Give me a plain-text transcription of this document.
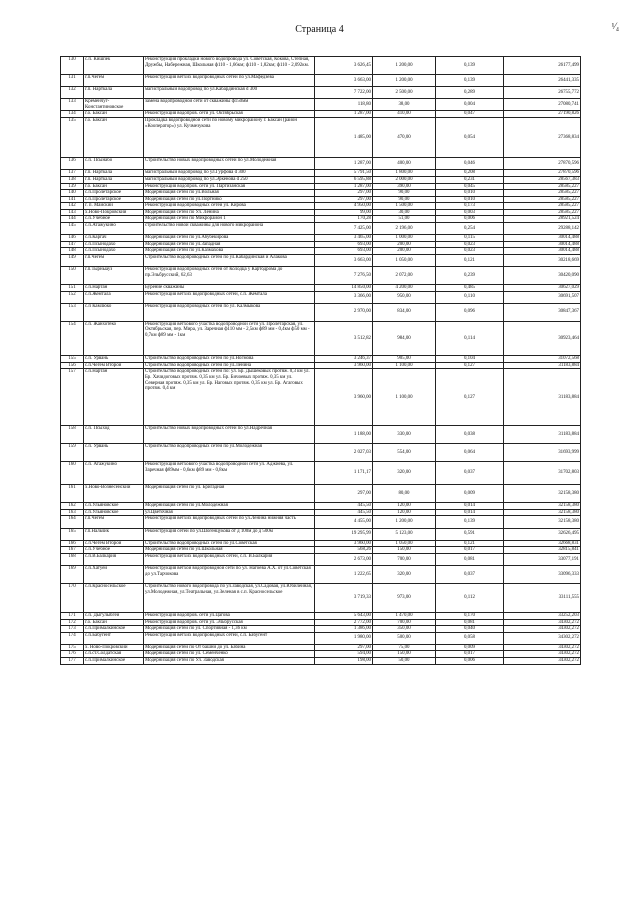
Страница 4	¹⁄₄
130	с.п. Кишпек	Реконструкция прокладки нового водопровода ул. Советская, Кокова, Степная, Дружбы, Набережная, Школьная ф110 - 1,66км; ф110 - 1,82км; ф110 - 2,092км.	3 626,45	1 200,00	0,139	26177,499
131	г.п.Чегем	Реконструкция ветхих водопроводных сетей по ул.Мафедзева	3 663,00	1 200,00	0,139	26441,335
132	г.п. Нарткала	магистральный водопровод по ул.Кабардинская d 300	7 722,00	2 500,00	0,289	26755,772
133	Кременчуг-Константиновское	замена водопроводной сети от скважины ф150мм	118,80	38,00	0,004	27080,741
134	г.о. Баксан	Реконструкция водопров. сети ул. Октябрьская	1 287,00	410,00	0,047	27190,826
135	г.о. Баксан	Прокладка водопроводной сети по новому микрорайону г. Баксан (район «Кооператор») ул. Кучмезукова	1 485,00	470,00	0,054	27368,834
136	с.п. Псынабо	Строительство новых водопроводных сетей по ул.Молодежная	1 287,00	400,00	0,046	27870,596
137	г.п. Нарткала	магистральный водопровод по ул.Гурфова d 300	5 791,50	1 800,00	0,208	27870,596
138	г.п. Нарткала	магистральный водопровод по ул.Эркенова d 250	6 595,88	2 000,00	0,231	28567,383
139	г.о. Баксан	Реконструкция водопров. сети ул. Партизанская	1 287,00	390,00	0,045	28585,227
140	с.п.Пролетарское	Модернизация сетей по ул.Вольная	297,00	90,00	0,010	28585,227
141	с.п.Пролетарское	Модернизация сетей по ул.Портнико	297,00	90,00	0,010	28585,227
142	г. п. Майский	Реконструкция водопроводных сетей ул. Кирова	4 950,00	1 500,00	0,173	28585,227
143	х.Ново-Покровский	Модернизация сетей по Ул. Ленина	99,00	30,00	0,003	28585,227
144	с.п.Учебное	Модернизация сетей по Микрорайон 1	170,28	51,00	0,006	28921,524
145	с.п.Атажукино	строительство новой скважины для нового микрорайона	7 425,00	2 196,00	0,254	29288,142
146	с.п.Каргач	Модернизация сетей по ул.Абубекирова	3 465,00	1 000,00	0,115	30014,488
147	с.п.Псынодахо	Модернизация сетей по ул.Западная	693,00	200,00	0,023	30014,488
148	с.п.Псынодахо	Модернизация сетей по ул.Казмахова	693,00	200,00	0,023	30014,488
149	г.п.Чегем	Строительство водопроводных сетей по ул.Кабардинская и Алакова	3 663,00	1 050,00	0,121	30218,669
150	г.п.Тырныауз	Реконструкция водопроводных сетей от Колодца у Картодрома до пр.Эльбрусский, 62,63	7 276,50	2 072,00	0,239	30420,090
151	с.п.Нартан	Бурение скважины	14 850,00	4 200,00	0,485	30627,029
152	с.п.Жемтала	Реконструкция ветхих водопроводных сетей, с.п. Жемтала	3 366,00	950,00	0,110	30691,507
153	с.п Камлюко	Реконструкция водопроводных сетей по ул. Калмыкова	2 970,00	834,00	0,096	30847,367
154	с.п. Жанхотеко	Реконструкция ветхового участка водопроводной сети ул. Пролетарская, ул. Октябрьская, пер. Мира, ул. Заречная ф110 мм - 2,5км ф89 мм - 0,4км ф50 мм - 0,7км ф89 мм - 1км	3 512,82	984,00	0,114	30923,464
155	с.п. Урвань	Строительство водопроводных сетей по ул.Ногмова	3 246,37	905,00	0,104	31072,568
156	с.п.Чегем Второй	Строительство водопроводных сетей по ул.Ленина	3 960,00	1 100,00	0,127	31183,884
157	с.п.Нартан	Строительство водопроводных сетей по: ул. Бр. Дышековых протяж. 0,3 км ул. Бр. Хачидоговых протяж. 0,35 км ул. Бр. Бичоевых протяж. 0,35 км ул. Северная протяж. 0,35 км ул. Бр. Наговых протяж. 0,35 км ул. Бр. Агаговых протяж. 0,4 км	3 960,00	1 100,00	0,127	31183,884
158	с.п. Псыход	Строительство новых водопроводных сетей по ул.Надречная	1 188,00	330,00	0,038	31183,884
159	с.п. Урвань	Строительство водопроводных сетей по ул.Молодежная	2 027,03	554,00	0,064	31693,999
160	с.п. Атажукино	Реконструкция ветхового участка водопроводной сети ул. Аджиева, ул. Заречная ф89мм - 0,6км ф89 мм - 0,8км	1 171,17	320,00	0,037	31702,803
161	х.Ново-Вознесенский	Модернизация сетей по ул. Бригадная	297,00	80,00	0,009	32158,380
162	с.п.Ульяновское	Модернизация сетей по ул.Молодежная	445,50	120,00	0,014	32158,380
163	с.п.Ульяновское	ул.Цветочная	445,50	120,00	0,014	32158,380
164	г.п.Чегем	Реконструкция ветхих водопроводных сетей по ул.Ленина нижняя часть	4 455,00	1 200,00	0,139	32158,380
165	г.п.Нальчик	Реконструкция сетей по ул.Шогенцукова от д 100м до д 500м	19 295,99	5 123,00	0,591	32626,495
166	с.п.Чегем Второй	Строительство водопроводных сетей по ул.Советская	3 960,00	1 050,00	0,121	32668,831
167	с.п.Учебное	Модернизация сетей по ул.Школьная	568,26	150,00	0,017	32815,841
168	с.п.В.Балкария	Реконструкция ветхих водопроводных сетей, с.п. В.Балкария	2 673,00	700,00	0,081	33077,191
169	с.п.Хатуей	Реконструкция ветхой водопроводной сети по ул. Нагоева А.Х. от ул.Советская до ул.Тарчокова	1 222,65	320,00	0,037	33096,333
170	с.п.Красносельское	Строительство нового водопровода по ул.Заводская, ул.Садовая, ул.Юбилейная, ул.Молодежная, ул.Театральная, ул.Зеленая в с.п. Красносельское	3 719,33	973,00	0,112	33111,555
171	с.п. Дыгулыбгей	Реконструкция водопров. сети ул.Цагова	5 643,00	1 470,00	0,170	33252,203
172	г.о. Баксан	Реконструкция водопров. сети ул. Эльбрусская	2 772,00	700,00	0,081	34302,272
173	с.п.Прималкинское	Модернизация сетей по ул. Спортивная - 1,36 км	1 386,00	350,00	0,040	34302,272
174	с.п.Бабугент	Реконструкция ветхих водопроводных сетей, с.п. Бабугент	1 980,00	500,00	0,058	34302,272
175	х. Ново-Покровский	Модернизация сетей по От башни до ул. Бабина	297,00	75,00	0,009	34302,272
176	с.п.ст.Солдатская	Модернизация сетей по ул. Семенченко	594,00	150,00	0,017	34302,272
177	с.п.Прималкинское	Модернизация сетей по Ул. Заводская	198,00	50,00	0,006	34302,272
